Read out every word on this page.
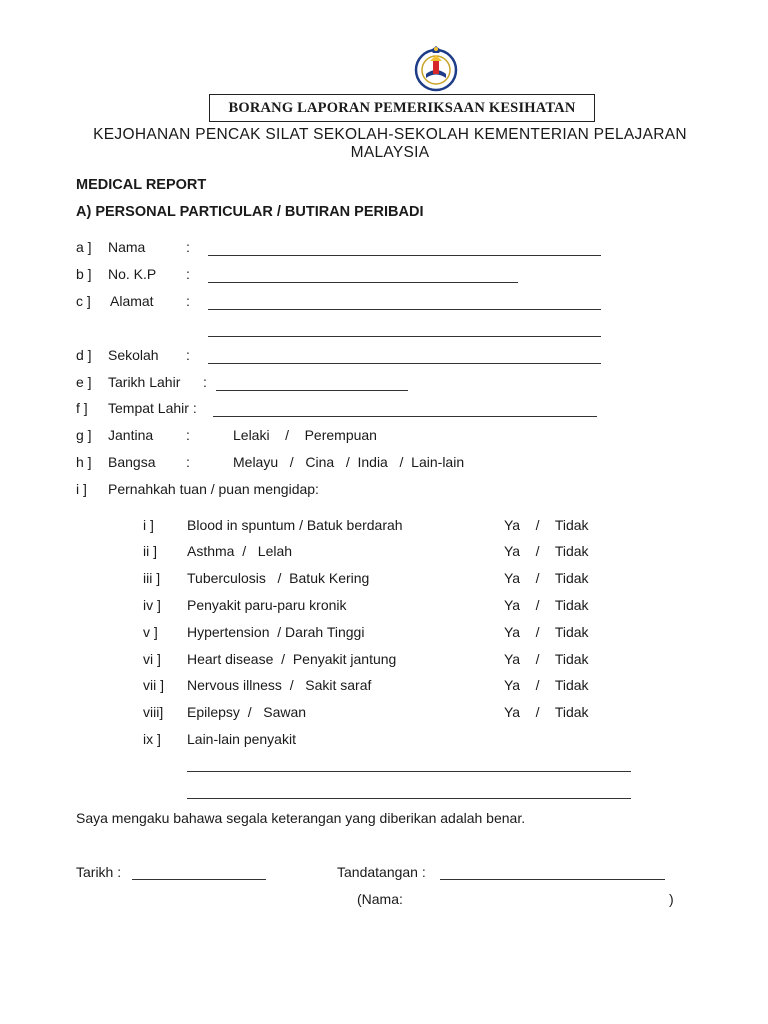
BORANG LAPORAN PEMERIKSAAN KESIHATAN
KEJOHANAN PENCAK SILAT SEKOLAH-SEKOLAH KEMENTERIAN PELAJARAN
MALAYSIA
MEDICAL REPORT
A) PERSONAL PARTICULAR / BUTIRAN PERIBADI
a ] Nama	:
b ] No. K.P :
c ] Alamat :
d ] Sekolah :
e ] Tarikh Lahir :
f ] Tempat Lahir :
g ] Jantina :	Lelaki    /    Perempuan
h ] Bangsa :	Melayu   /   Cina   /  India   /  Lain-lain
i ] Pernahkah tuan / puan mengidap:
i ] Blood in spuntum / Batuk berdarah	Ya    /    Tidak
ii ] Asthma  /   Lelah	Ya    /    Tidak
iii ] Tuberculosis   /  Batuk Kering	Ya    /    Tidak
iv ] Penyakit paru-paru kronik	Ya    /    Tidak
v ] Hypertension  / Darah Tinggi	Ya    /    Tidak
vi ] Heart disease  /  Penyakit jantung	Ya    /    Tidak
vii ] Nervous illness  /   Sakit saraf	Ya    /    Tidak
viii] Epilepsy  /   Sawan	Ya    /    Tidak
ix ] Lain-lain penyakit
Saya mengaku bahawa segala keterangan yang diberikan adalah benar.
Tarikh :	Tandatangan :
(Nama:	)
